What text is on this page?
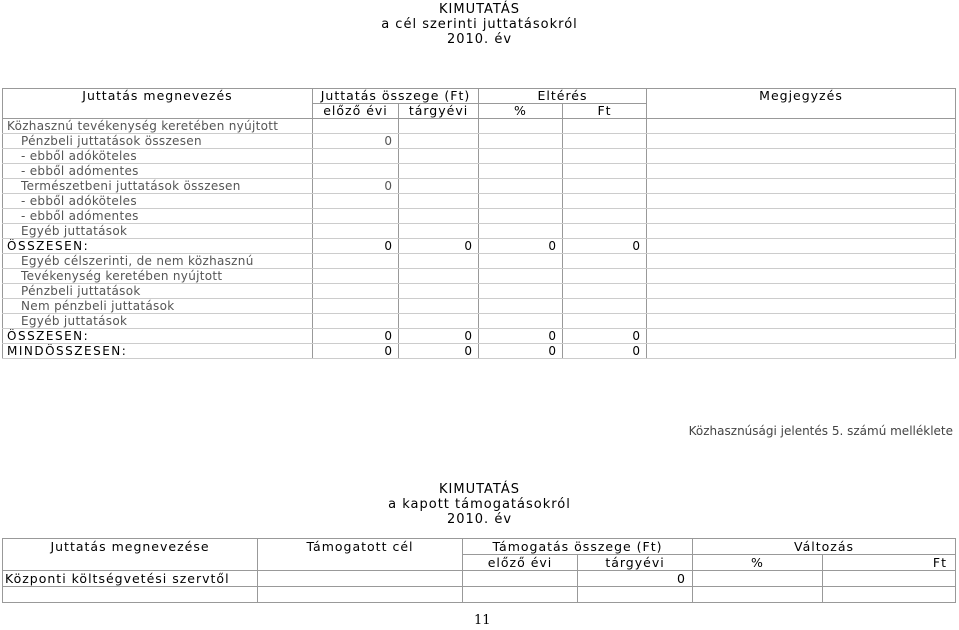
KIMUTATÁS
a cél szerinti juttatásokról
2010. év
Juttatás megnevezés	Juttatás összege (Ft)		Eltérés		Megjegyzés
	előző évi	tárgyévi	%	Ft	
Közhasznú tevékenység keretében nyújtott					
Pénzbeli juttatások összesen	0				
- ebből adóköteles					
- ebből adómentes					
Természetbeni juttatások összesen	0				
- ebből adóköteles					
- ebből adómentes					
Egyéb juttatások					
ÖSSZESEN:	0	0	0	0	
Egyéb célszerinti, de nem közhasznú					
Tevékenység keretében nyújtott					
Pénzbeli juttatások					
Nem pénzbeli juttatások					
Egyéb juttatások					
ÖSSZESEN:	0	0	0	0	
MINDÖSSZESEN:	0	0	0	0	
Közhasznúsági jelentés 5. számú melléklete
KIMUTATÁS
a kapott támogatásokról
2010. év
Juttatás megnevezése	Támogatott cél	Támogatás összege (Ft)		Változás	
		előző évi	tárgyévi	%	Ft
Központi költségvetési szervtől			0		

11
